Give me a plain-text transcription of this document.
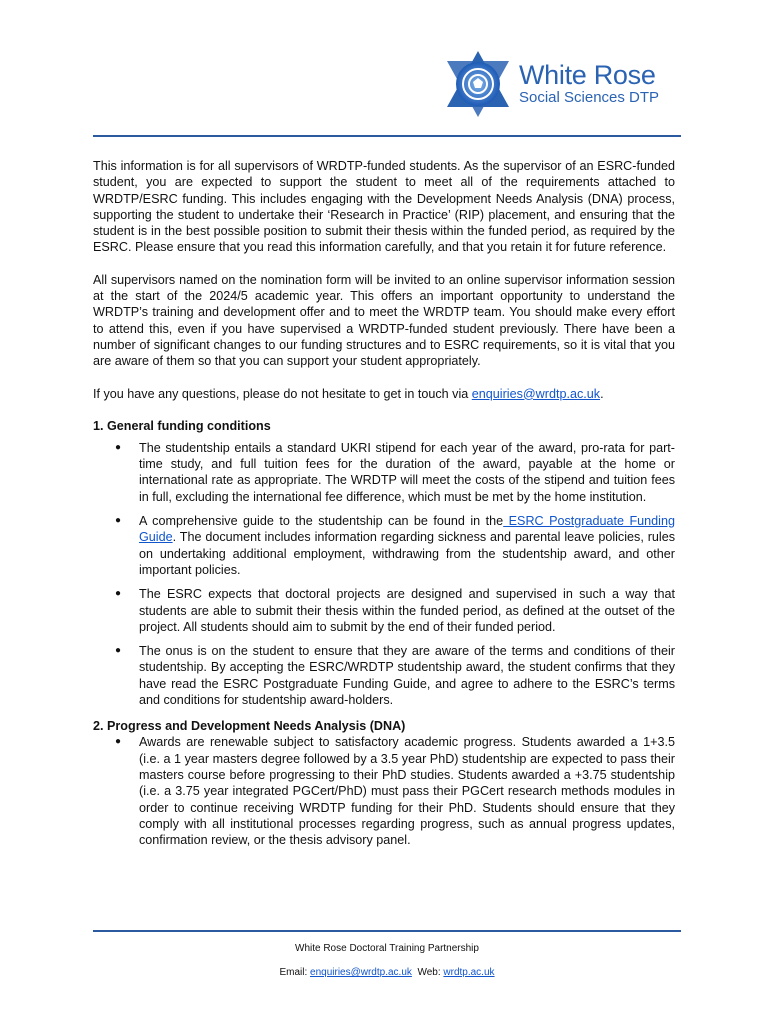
White Rose
Social Sciences DTP

This information is for all supervisors of WRDTP-funded students. As the supervisor of an ESRC-funded student, you are expected to support the student to meet all of the requirements attached to WRDTP/ESRC funding. This includes engaging with the Development Needs Analysis (DNA) process, supporting the student to undertake their ‘Research in Practice’ (RIP) placement, and ensuring that the student is in the best possible position to submit their thesis within the funded period, as required by the ESRC. Please ensure that you read this information carefully, and that you retain it for future reference.

All supervisors named on the nomination form will be invited to an online supervisor information session at the start of the 2024/5 academic year. This offers an important opportunity to understand the WRDTP’s training and development offer and to meet the WRDTP team. You should make every effort to attend this, even if you have supervised a WRDTP-funded student previously. There have been a number of significant changes to our funding structures and to ESRC requirements, so it is vital that you are aware of them so that you can support your student appropriately.

If you have any questions, please do not hesitate to get in touch via enquiries@wrdtp.ac.uk.

1. General funding conditions
● The studentship entails a standard UKRI stipend for each year of the award, pro-rata for part-time study, and full tuition fees for the duration of the award, payable at the home or international rate as appropriate. The WRDTP will meet the costs of the stipend and tuition fees in full, excluding the international fee difference, which must be met by the home institution.
● A comprehensive guide to the studentship can be found in the ESRC Postgraduate Funding Guide. The document includes information regarding sickness and parental leave policies, rules on undertaking additional employment, withdrawing from the studentship award, and other important policies.
● The ESRC expects that doctoral projects are designed and supervised in such a way that students are able to submit their thesis within the funded period, as defined at the outset of the project. All students should aim to submit by the end of their funded period.
● The onus is on the student to ensure that they are aware of the terms and conditions of their studentship. By accepting the ESRC/WRDTP studentship award, the student confirms that they have read the ESRC Postgraduate Funding Guide, and agree to adhere to the ESRC’s terms and conditions for studentship award-holders.
2. Progress and Development Needs Analysis (DNA)
● Awards are renewable subject to satisfactory academic progress. Students awarded a 1+3.5 (i.e. a 1 year masters degree followed by a 3.5 year PhD) studentship are expected to pass their masters course before progressing to their PhD studies. Students awarded a +3.75 studentship (i.e. a 3.75 year integrated PGCert/PhD) must pass their PGCert research methods modules in order to continue receiving WRDTP funding for their PhD. Students should ensure that they comply with all institutional processes regarding progress, such as annual progress updates, confirmation review, or the thesis advisory panel.
White Rose Doctoral Training Partnership
Email: enquiries@wrdtp.ac.uk  Web: wrdtp.ac.uk
